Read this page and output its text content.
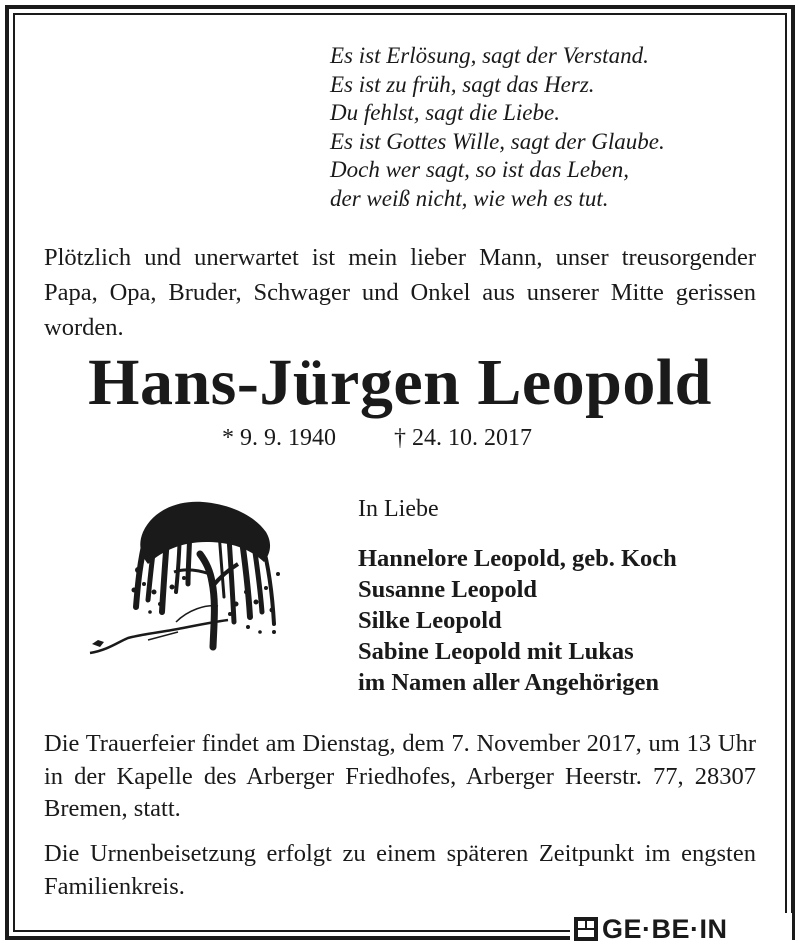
Es ist Erlösung, sagt der Verstand.
Es ist zu früh, sagt das Herz.
Du fehlst, sagt die Liebe.
Es ist Gottes Wille, sagt der Glaube.
Doch wer sagt, so ist das Leben,
der weiß nicht, wie weh es tut.
Plötzlich und unerwartet ist mein lieber Mann, unser treusorgender Papa, Opa, Bruder, Schwager und Onkel aus unserer Mitte gerissen worden.
Hans-Jürgen Leopold
* 9. 9. 1940 † 24. 10. 2017
In Liebe
Hannelore Leopold, geb. Koch
Susanne Leopold
Silke Leopold
Sabine Leopold mit Lukas
im Namen aller Angehörigen
Die Trauerfeier findet am Dienstag, dem 7. November 2017, um 13 Uhr in der Kapelle des Arberger Friedhofes, Arberger Heerstr. 77, 28307 Bremen, statt.
Die Urnenbeisetzung erfolgt zu einem späteren Zeitpunkt im engsten Familienkreis.
GE·BE·IN
